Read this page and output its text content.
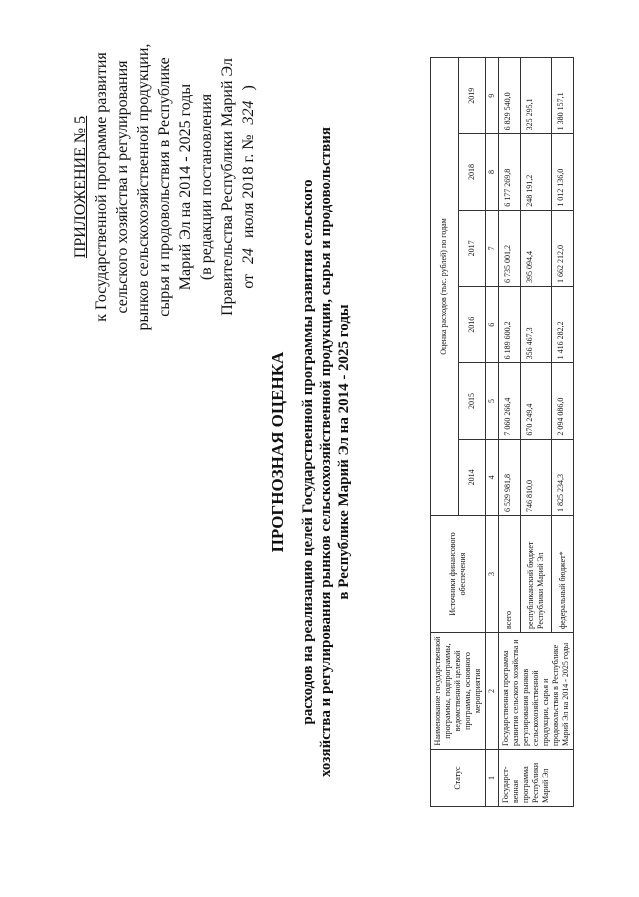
ПРИЛОЖЕНИЕ № 5 к Государственной программе развития сельского хозяйства и регулирования рынков сельскохозяйственной продукции, сырья и продовольствия в Республике Марий Эл на 2014 - 2025 годы (в редакции постановления Правительства Республики Марий Эл от 24 июля 2018 г. № 324 )
ПРОГНОЗНАЯ ОЦЕНКА расходов на реализацию целей Государственной программы развития сельского хозяйства и регулирования рынков сельскохозяйственной продукции, сырья и продовольствия в Республике Марий Эл на 2014 - 2025 годы
Статус	Наименование государственной программы, подпрограммы, ведомственной целевой программы, основного мероприятия	Источники финансового обеспечения	Оценка расходов (тыс. рублей) по годам					
			2014	2015	2016	2017	2018	2019
1	2	3	4	5	6	7	8	9
Государст-венная программа Республики Марий Эл	Государственная программа развития сельского хозяйства и регулирования рынков сельскохозяйственной продукции, сырья и продовольствия в Республике Марий Эл на 2014 - 2025 годы	всего	6 529 981,8	7 060 266,4	6 189 600,2	6 735 001,2	6 177 269,8	6 829 540,0
		республиканский бюджет Республики Марий Эл	746 810,0	670 249,4	356 467,3	395 094,4	248 191,2	325 295,1
		федеральный бюджет*	1 825 234,3	2 094 086,0	1 416 282,2	1 662 212,0	1 012 136,0	1 380 157,1
